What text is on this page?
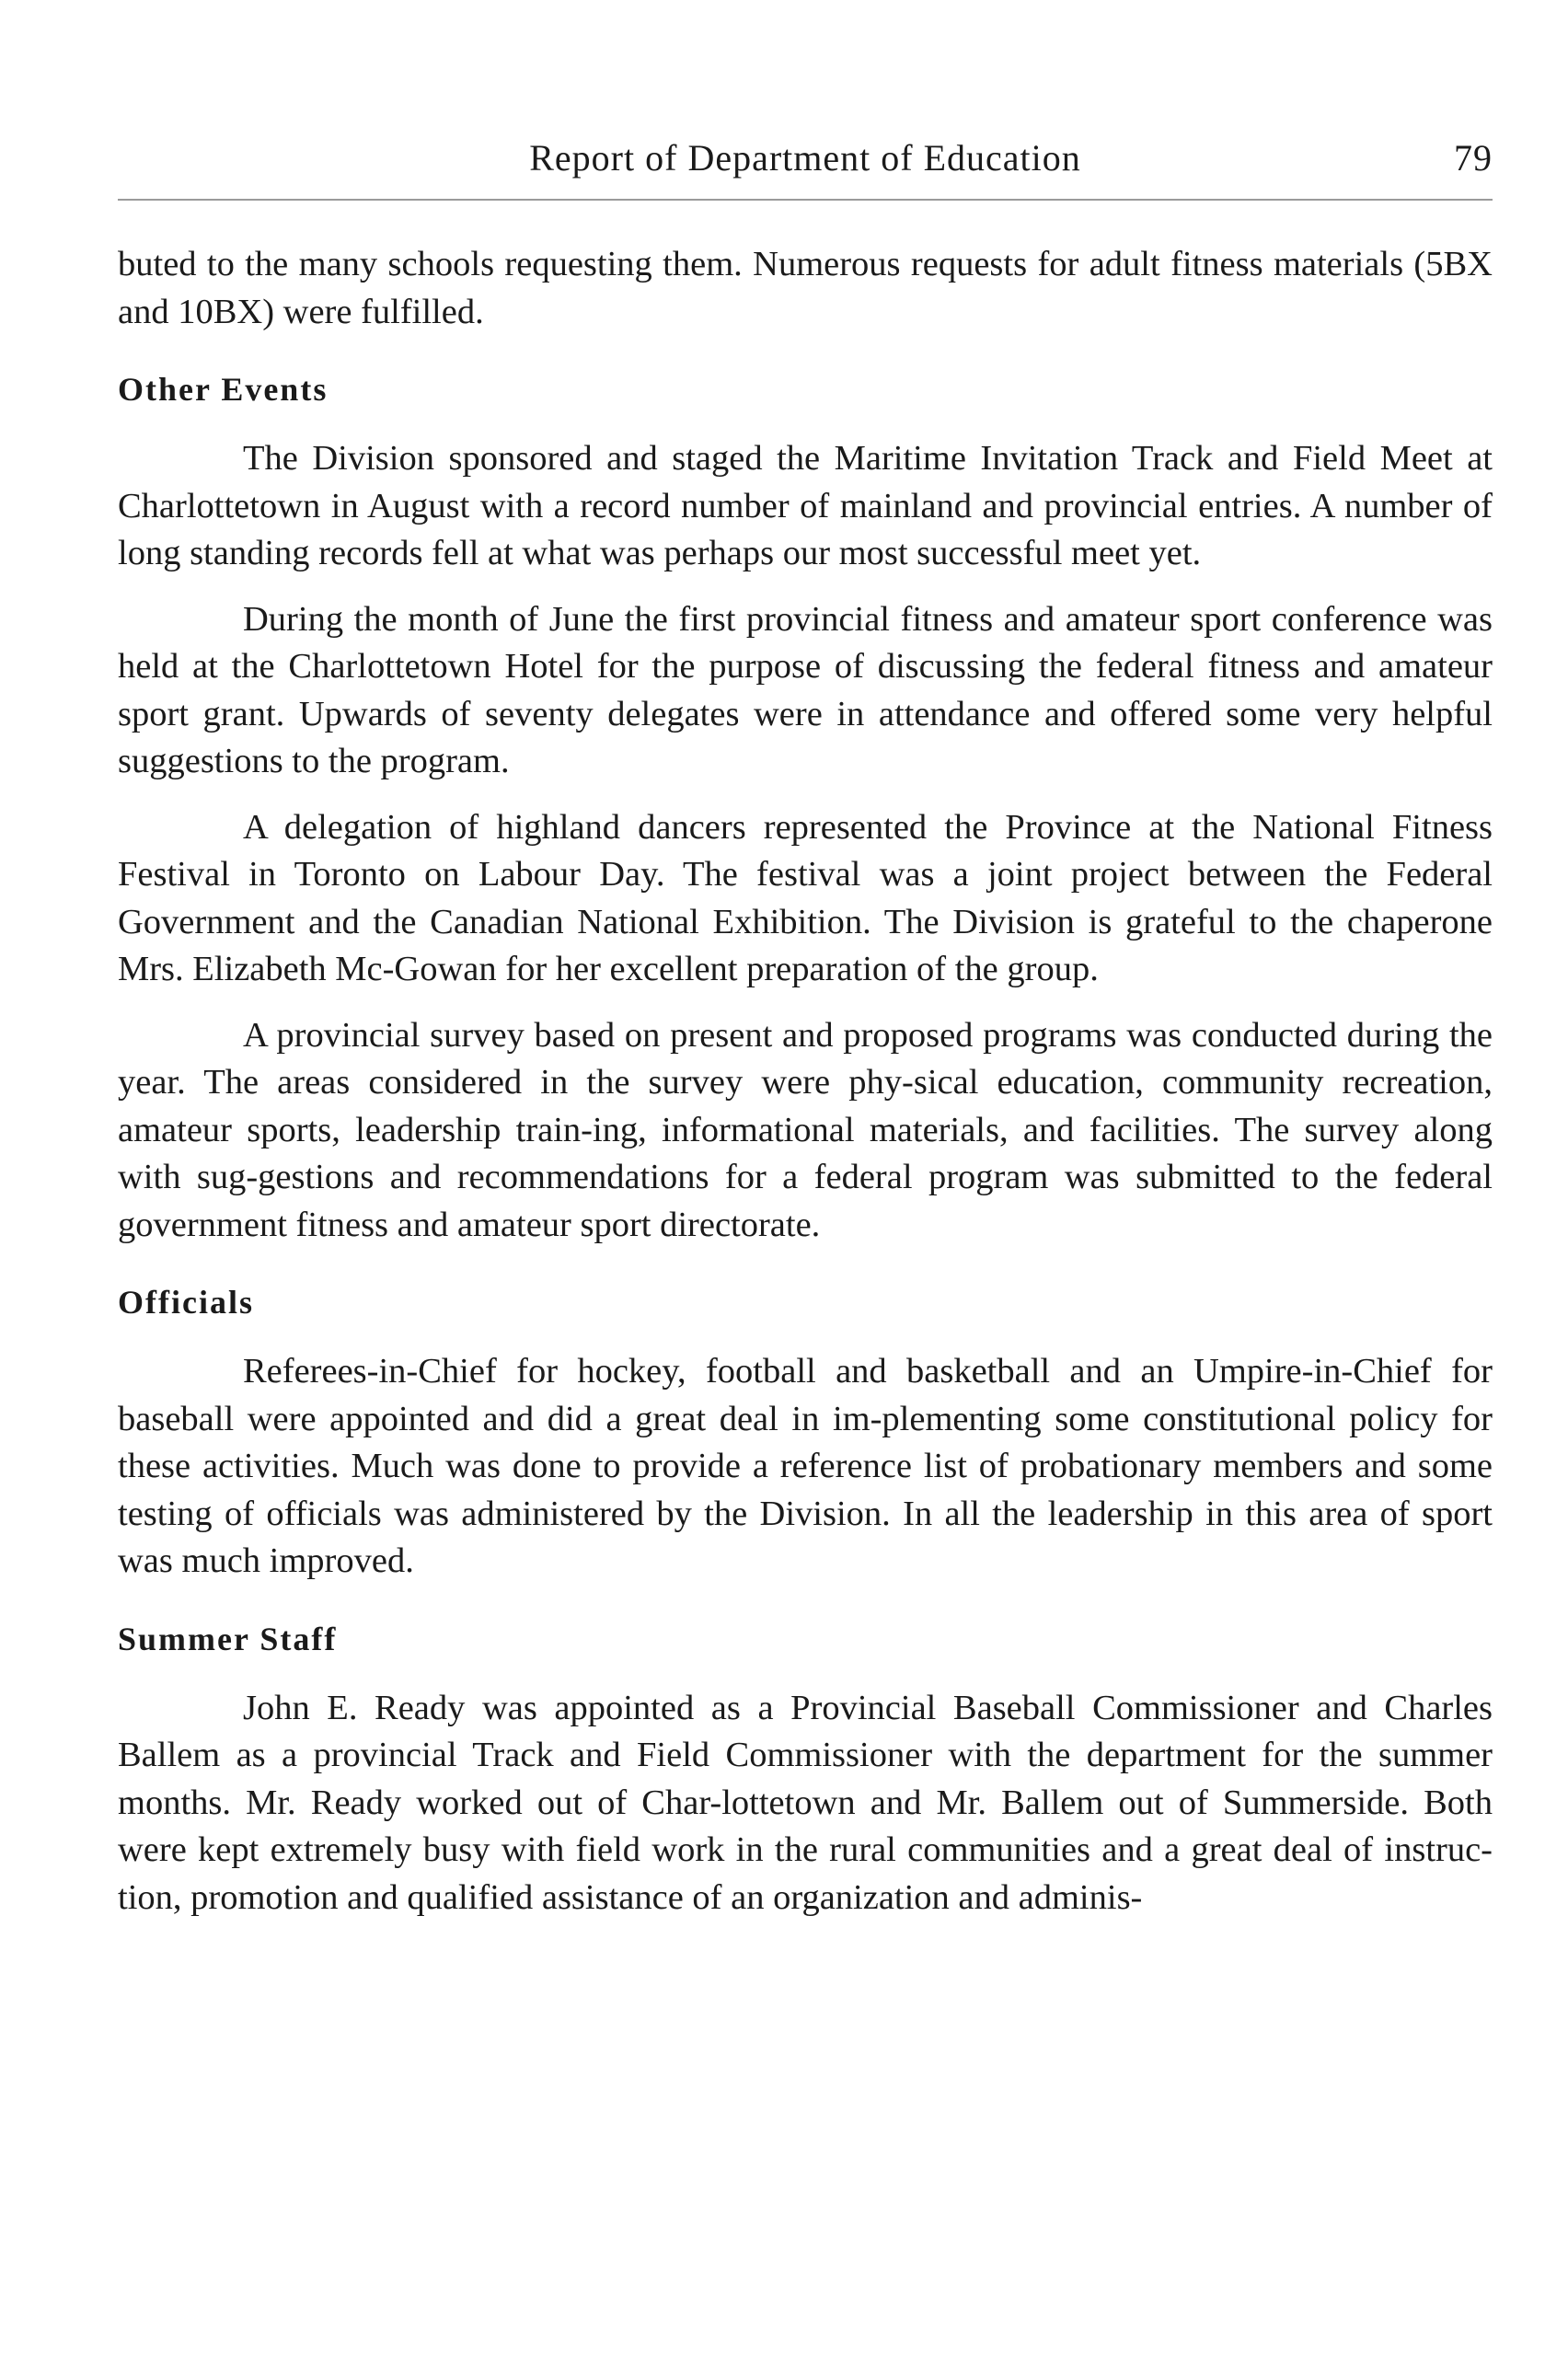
Report of Department of Education	79

buted to the many schools requesting them. Numerous requests for adult fitness materials (5BX and 10BX) were fulfilled.

Other Events

The Division sponsored and staged the Maritime Invitation Track and Field Meet at Charlottetown in August with a record number of mainland and provincial entries. A number of long standing records fell at what was perhaps our most successful meet yet.

During the month of June the first provincial fitness and amateur sport conference was held at the Charlottetown Hotel for the purpose of discussing the federal fitness and amateur sport grant. Upwards of seventy delegates were in attendance and offered some very helpful suggestions to the program.

A delegation of highland dancers represented the Province at the National Fitness Festival in Toronto on Labour Day. The festival was a joint project between the Federal Government and the Canadian National Exhibition. The Division is grateful to the chaperone Mrs. Elizabeth Mc-Gowan for her excellent preparation of the group.

A provincial survey based on present and proposed programs was conducted during the year. The areas considered in the survey were phy-sical education, community recreation, amateur sports, leadership train-ing, informational materials, and facilities. The survey along with sug-gestions and recommendations for a federal program was submitted to the federal government fitness and amateur sport directorate.

Officials

Referees-in-Chief for hockey, football and basketball and an Umpire-in-Chief for baseball were appointed and did a great deal in im-plementing some constitutional policy for these activities. Much was done to provide a reference list of probationary members and some testing of officials was administered by the Division. In all the leadership in this area of sport was much improved.

Summer Staff

John E. Ready was appointed as a Provincial Baseball Commissioner and Charles Ballem as a provincial Track and Field Commissioner with the department for the summer months. Mr. Ready worked out of Char-lottetown and Mr. Ballem out of Summerside. Both were kept extremely busy with field work in the rural communities and a great deal of instruc-tion, promotion and qualified assistance of an organization and adminis-
